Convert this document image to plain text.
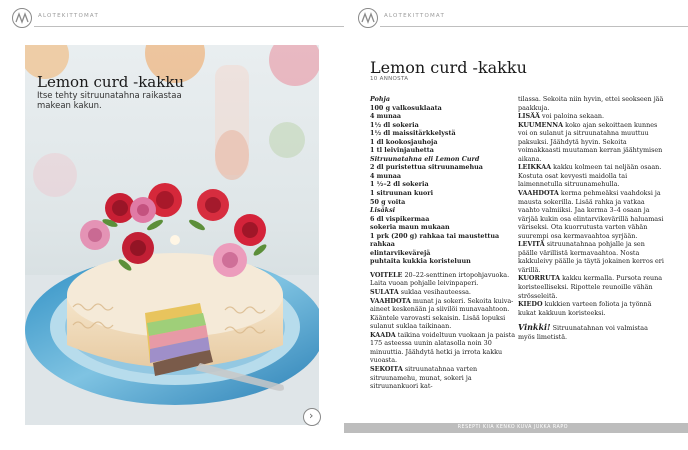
ALOTEKITTOMAT
Lemon curd -kakku
Itse tehty sitruunatahna raikastaa makean kakun.
›
ALOTEKITTOMAT
Lemon curd -kakku
10 ANNOSTA
Pohja
100 g valkosuklaata
4 munaa
1½ dl sokeria
1½ dl maissitärkkelystä
1 dl kookosjauhoja
1 tl leivinjauhetta
Sitruunatahna eli Lemon Curd
2 dl puristettua sitruunamehua
4 munaa
1 ½–2 dl sokeria
1 sitruunan kuori
50 g voita
Lisäksi
6 dl vispikermaa
sokeria maun mukaan
1 prk (200 g) rahkaa tai maustettua rahkaa
elintarvikevärejä
puhtaita kukkia koristeluun
VOITELE 20–22-senttinen irtopohjavuoka. Laita vuoan pohjalle leivinpaperi.
SULATA suklaa vesihauteessa.
VAAHDOTA munat ja sokeri. Sekoita kuiva-aineet keskenään ja siivilöi munavaahtoon. Kääntele varovasti sekaisin. Lisää lopuksi sulanut suklaa taikinaan.
KAADA taikina voideltuun vuokaan ja paista 175 asteessa uunin alatasolla noin 30 minuuttia. Jäähdytä hetki ja irrota kakku vuoasta.
SEKOITA sitruunatahnaa varten sitruunamehu, munat, sokeri ja sitruunankuori kat-
tilassa. Sekoita niin hyvin, ettei seokseen jää paakkuja.
LISÄÄ voi paloina sekaan.
KUUMENNA koko ajan sekoittaen kunnes voi on sulanut ja sitruunatahna muuttuu paksuksi. Jäähdytä hyvin. Sekoita voimakkaasti muutaman kerran jäähtymisen aikana.
LEIKKAA kakku kolmeen tai neljään osaan. Kostuta osat kevyesti maidolla tai laimennetulla sitruunamehulla.
VAAHDOTA kerma pehmeäksi vaahdoksi ja mausta sokerilla. Lisää rahka ja vatkaa vaahto valmiiksi. Jaa kerma 3–4 osaan ja värjää kukin osa elintarvikevärillä haluamasi väriseksi. Ota kuorrutusta varten vähän suurempi osa kermavaahtoa syrjään.
LEVITÄ sitruunatahnaa pohjalle ja sen päälle värillistä kermavaahtoa. Nosta kakkuleivy päälle ja täytä jokainen kerros eri värillä.
KUORRUTA kakku kermalla. Pursota reuna koristeelliseksi. Ripottele reunoille vähän strösseleitä.
KIEDO kukkien varteen foliota ja työnnä kukat kakkuun koristeeksi.
Vinkki! Sitruunatahnan voi valmistaa myös limetistä.
RESEPTI KIIA KENKO KUVA JUKKA RAPO
